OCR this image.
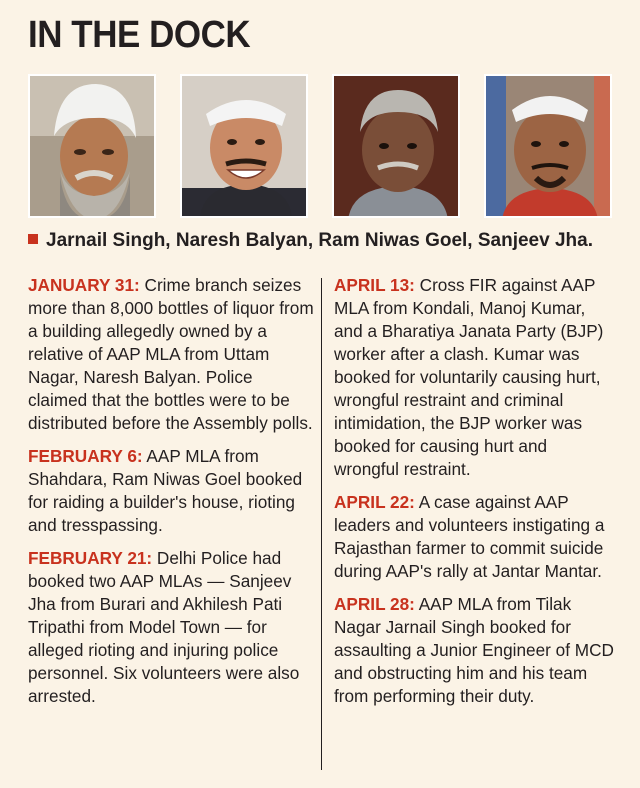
IN THE DOCK
Jarnail Singh, Naresh Balyan, Ram Niwas Goel, Sanjeev Jha.

JANUARY 31: Crime branch seizes more than 8,000 bottles of liquor from a building allegedly owned by a relative of AAP MLA from Uttam Nagar, Naresh Balyan. Police claimed that the bottles were to be distributed before the Assembly polls.

FEBRUARY 6: AAP MLA from Shahdara, Ram Niwas Goel booked for raiding a builder's house, rioting and tresspassing.

FEBRUARY 21: Delhi Police had booked two AAP MLAs — Sanjeev Jha from Burari and Akhilesh Pati Tripathi from Model Town — for alleged rioting and injuring police personnel. Six volunteers were also arrested.

APRIL 13: Cross FIR against AAP MLA from Kondali, Manoj Kumar, and a Bharatiya Janata Party (BJP) worker after a clash. Kumar was booked for voluntarily causing hurt, wrongful restraint and criminal intimidation, the BJP worker was booked for causing hurt and wrongful restraint.

APRIL 22: A case against AAP leaders and volunteers instigating a Rajasthan farmer to commit suicide during AAP's rally at Jantar Mantar.

APRIL 28: AAP MLA from Tilak Nagar Jarnail Singh booked for assaulting a Junior Engineer of MCD and obstructing him and his team from performing their duty.
